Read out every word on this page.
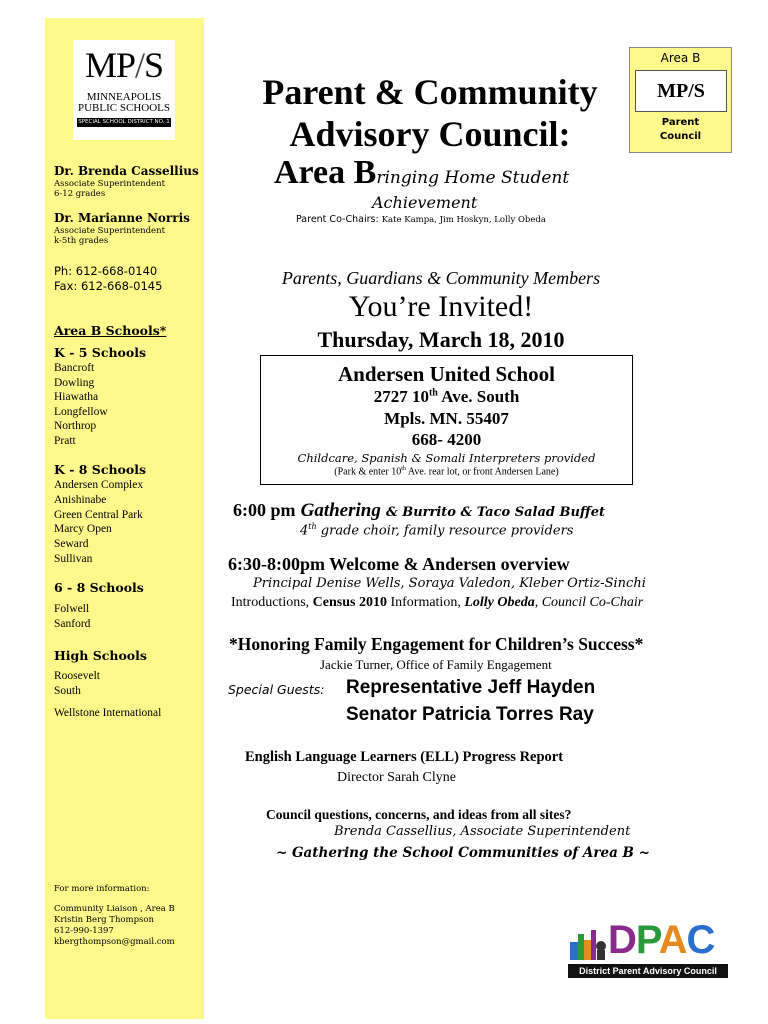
MP/S
MINNEAPOLIS
PUBLIC SCHOOLS
SPECIAL SCHOOL DISTRICT NO. 1
Dr. Brenda Cassellius
Associate Superintendent
6-12 grades
Dr. Marianne Norris
Associate Superintendent
k-5th grades
Ph: 612-668-0140
Fax: 612-668-0145
Area B Schools*
K - 5 Schools
Bancroft
Dowling
Hiawatha
Longfellow
Northrop
Pratt
K - 8 Schools
Andersen Complex
Anishinabe
Green Central Park
Marcy Open
Seward
Sullivan
6 - 8 Schools
Folwell
Sanford
High Schools
Roosevelt
South
Wellstone International
For more information:
Community Liaison , Area B
Kristin Berg Thompson
612-990-1397
kbergthompson@gmail.com
Area B
MP/S
Parent
Council
Parent & Community
Advisory Council:
Area Bringing Home Student
Achievement
Parent Co-Chairs: Kate Kampa, Jim Hoskyn, Lolly Obeda
Parents, Guardians & Community Members
You’re Invited!
Thursday, March 18, 2010
Andersen United School
2727 10th Ave. South
Mpls. MN. 55407
668- 4200
Childcare, Spanish & Somali Interpreters provided
(Park & enter 10th Ave. rear lot, or front Andersen Lane)
6:00 pm Gathering & Burrito & Taco Salad Buffet
4th grade choir, family resource providers
6:30-8:00pm Welcome & Andersen overview
Principal Denise Wells, Soraya Valedon, Kleber Ortiz-Sinchi
Introductions, Census 2010 Information, Lolly Obeda, Council Co-Chair
*Honoring Family Engagement for Children’s Success*
Jackie Turner, Office of Family Engagement
Special Guests: Representative Jeff Hayden
Senator Patricia Torres Ray
English Language Learners (ELL) Progress Report
Director Sarah Clyne
Council questions, concerns, and ideas from all sites?
Brenda Cassellius, Associate Superintendent
~ Gathering the School Communities of Area B ~
DPAC
District Parent Advisory Council
